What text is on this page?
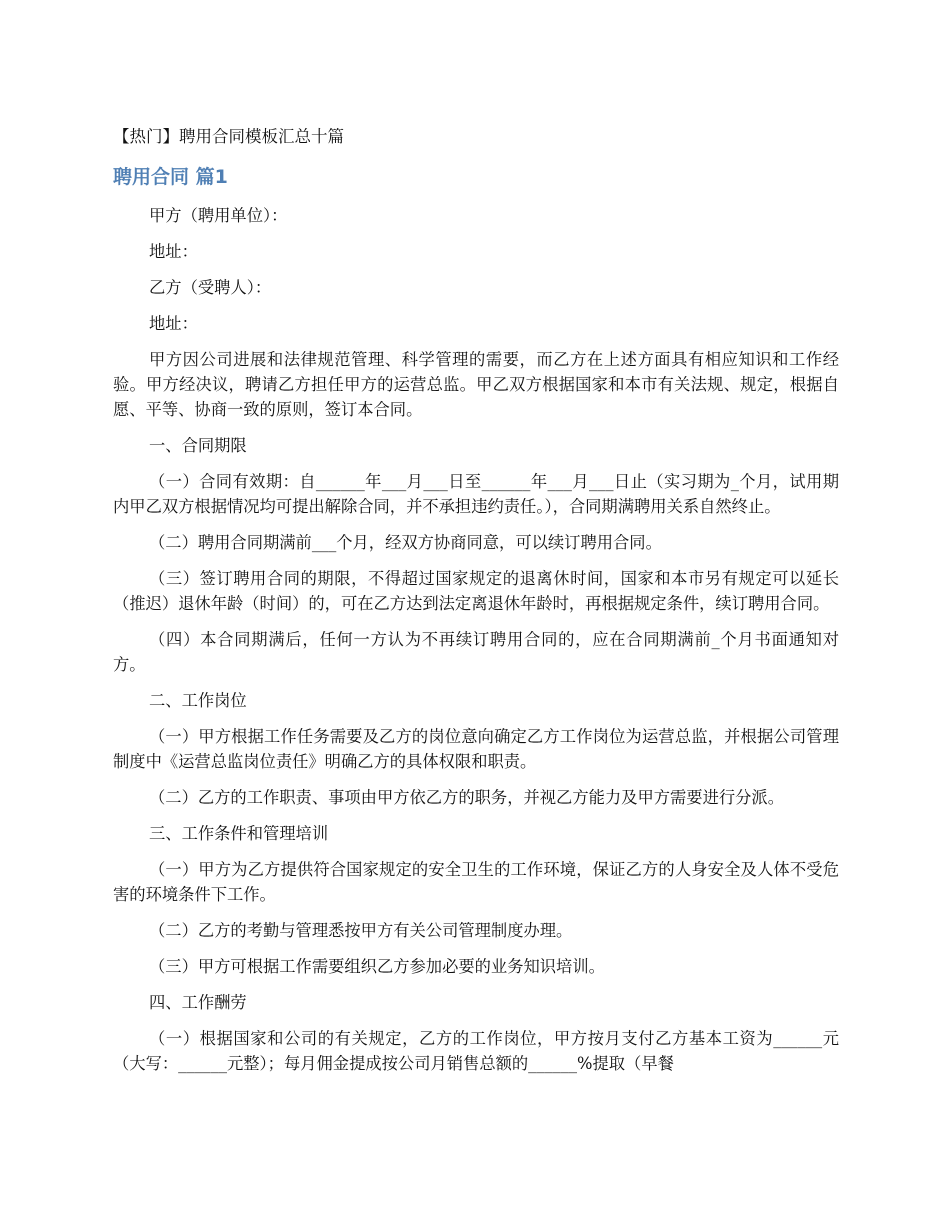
【热门】聘用合同模板汇总十篇
聘用合同 篇1

甲方（聘用单位）：

地址：

乙方（受聘人）：

地址：

甲方因公司进展和法律规范管理、科学管理的需要，而乙方在上述方面具有相应知识和工作经验。甲方经决议，聘请乙方担任甲方的运营总监。甲乙双方根据国家和本市有关法规、规定，根据自愿、平等、协商一致的原则，签订本合同。

一、合同期限

（一）合同有效期：自______年___月___日至______年___月___日止（实习期为_个月，试用期内甲乙双方根据情况均可提出解除合同，并不承担违约责任。），合同期满聘用关系自然终止。

（二）聘用合同期满前___个月，经双方协商同意，可以续订聘用合同。

（三）签订聘用合同的期限，不得超过国家规定的退离休时间，国家和本市另有规定可以延长（推迟）退休年龄（时间）的，可在乙方达到法定离退休年龄时，再根据规定条件，续订聘用合同。

（四）本合同期满后，任何一方认为不再续订聘用合同的，应在合同期满前_个月书面通知对方。

二、工作岗位

（一）甲方根据工作任务需要及乙方的岗位意向确定乙方工作岗位为运营总监，并根据公司管理制度中《运营总监岗位责任》明确乙方的具体权限和职责。

（二）乙方的工作职责、事项由甲方依乙方的职务，并视乙方能力及甲方需要进行分派。

三、工作条件和管理培训

（一）甲方为乙方提供符合国家规定的安全卫生的工作环境，保证乙方的人身安全及人体不受危害的环境条件下工作。

（二）乙方的考勤与管理悉按甲方有关公司管理制度办理。

（三）甲方可根据工作需要组织乙方参加必要的业务知识培训。

四、工作酬劳

（一）根据国家和公司的有关规定，乙方的工作岗位，甲方按月支付乙方基本工资为______元（大写：______元整）；每月佣金提成按公司月销售总额的______%提取（早餐
